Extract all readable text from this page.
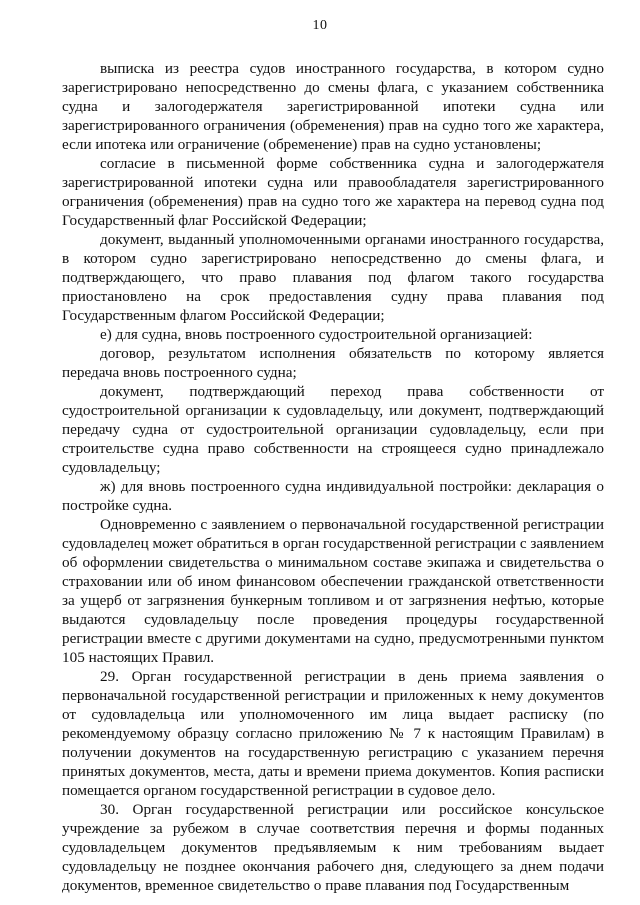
10

выписка из реестра судов иностранного государства, в котором судно зарегистрировано непосредственно до смены флага, с указанием собственника судна и залогодержателя зарегистрированной ипотеки судна или зарегистрированного ограничения (обременения) прав на судно того же характера, если ипотека или ограничение (обременение) прав на судно установлены;

согласие в письменной форме собственника судна и залогодержателя зарегистрированной ипотеки судна или правообладателя зарегистрированного ограничения (обременения) прав на судно того же характера на перевод судна под Государственный флаг Российской Федерации;

документ, выданный уполномоченными органами иностранного государства, в котором судно зарегистрировано непосредственно до смены флага, и подтверждающего, что право плавания под флагом такого государства приостановлено на срок предоставления судну права плавания под Государственным флагом Российской Федерации;

е) для судна, вновь построенного судостроительной организацией:

договор, результатом исполнения обязательств по которому является передача вновь построенного судна;

документ, подтверждающий переход права собственности от судостроительной организации к судовладельцу, или документ, подтверждающий передачу судна от судостроительной организации судовладельцу, если при строительстве судна право собственности на строящееся судно принадлежало судовладельцу;

ж) для вновь построенного судна индивидуальной постройки: декларация о постройке судна.

Одновременно с заявлением о первоначальной государственной регистрации судовладелец может обратиться в орган государственной регистрации с заявлением об оформлении свидетельства о минимальном составе экипажа и свидетельства о страховании или об ином финансовом обеспечении гражданской ответственности за ущерб от загрязнения бункерным топливом и от загрязнения нефтью, которые выдаются судовладельцу после проведения процедуры государственной регистрации вместе с другими документами на судно, предусмотренными пунктом 105 настоящих Правил.

29. Орган государственной регистрации в день приема заявления о первоначальной государственной регистрации и приложенных к нему документов от судовладельца или уполномоченного им лица выдает расписку (по рекомендуемому образцу согласно приложению № 7 к настоящим Правилам) в получении документов на государственную регистрацию с указанием перечня принятых документов, места, даты и времени приема документов. Копия расписки помещается органом государственной регистрации в судовое дело.

30. Орган государственной регистрации или российское консульское учреждение за рубежом в случае соответствия перечня и формы поданных судовладельцем документов предъявляемым к ним требованиям выдает судовладельцу не позднее окончания рабочего дня, следующего за днем подачи документов, временное свидетельство о праве плавания под Государственным
